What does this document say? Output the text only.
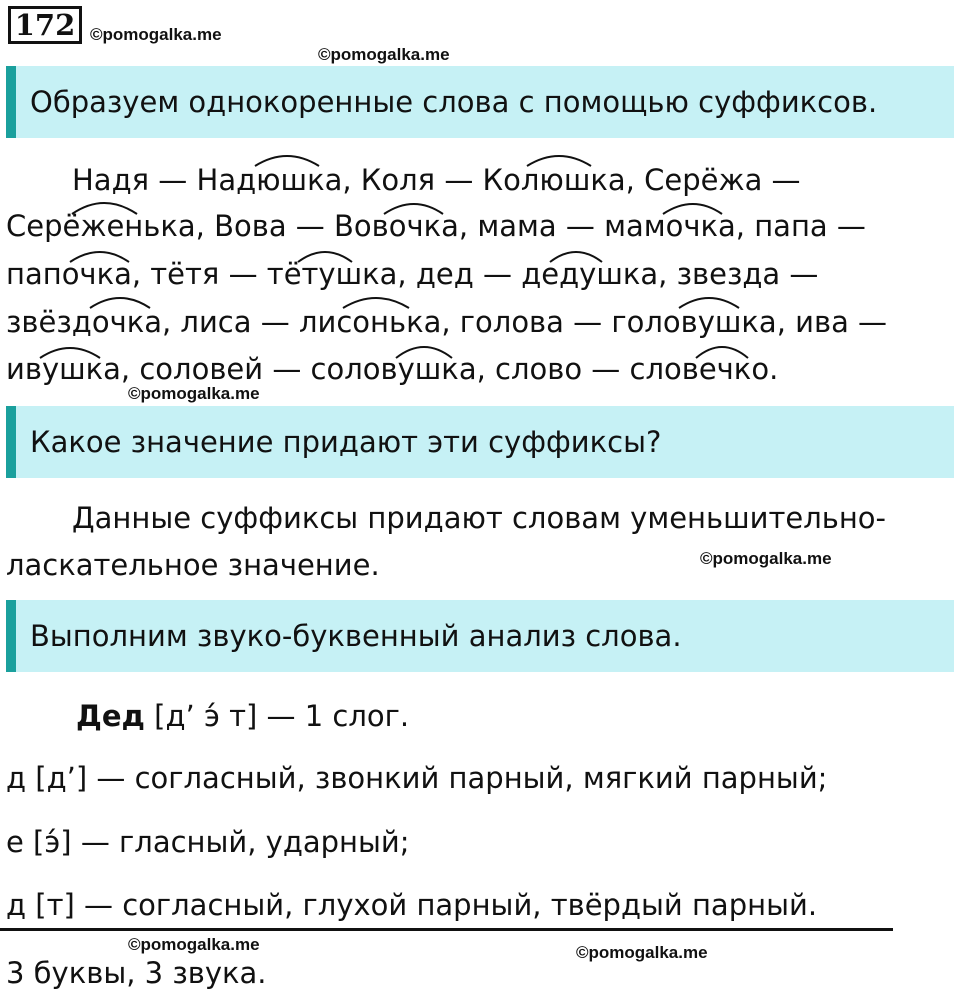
172 ©pomogalka.me
©pomogalka.me
Образуем однокоренные слова с помощью суффиксов.
Надя — Надюшка, Коля — Колюшка, Серёжа —
Серёженька, Вова — Вовочка, мама — мамочка, папа —
папочка, тётя — тётушка, дед — дедушка, звезда —
звёздочка, лиса — лисонька, голова — головушка, ива —
ивушка, соловей — соловушка, слово — словечко.
©pomogalka.me
Какое значение придают эти суффиксы?
Данные суффиксы придают словам уменьшительно-
ласкательное значение.	©pomogalka.me
Выполним звуко-буквенный анализ слова.
Дед [д’ э́ т] — 1 слог.
д [д’] — согласный, звонкий парный, мягкий парный;
е [э́] — гласный, ударный;
д [т] — согласный, глухой парный, твёрдый парный.
©pomogalka.me	©pomogalka.me
3 буквы, 3 звука.
